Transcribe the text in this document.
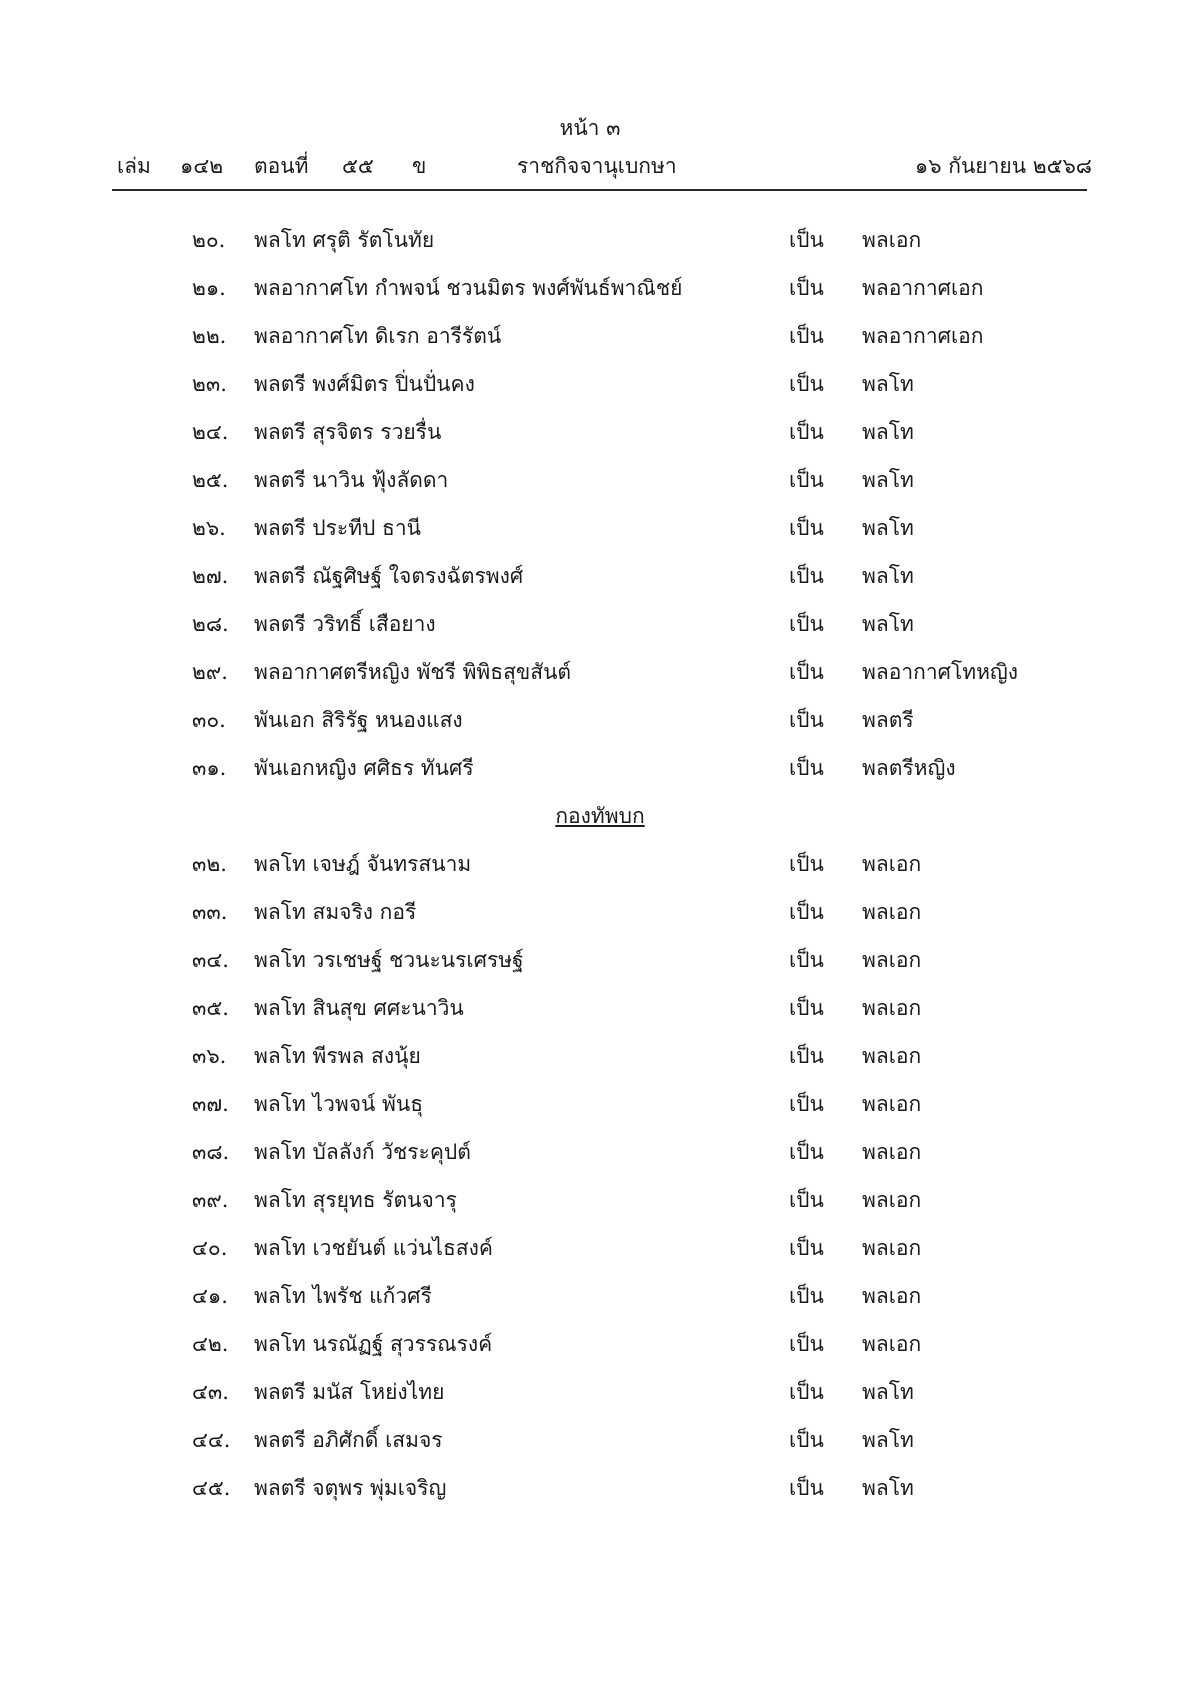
หน้า ๓
เล่ม ๑๔๒ ตอนที่ ๕๕ ข	ราชกิจจานุเบกษา	๑๖ กันยายน ๒๕๖๘
๒๐. พลโท ศรุติ รัตโนทัย	เป็น พลเอก
๒๑. พลอากาศโท กำพจน์ ชวนมิตร พงศ์พันธ์พาณิชย์	เป็น พลอากาศเอก
๒๒. พลอากาศโท ดิเรก อารีรัตน์	เป็น พลอากาศเอก
๒๓. พลตรี พงศ์มิตร ปิ่นปั่นคง	เป็น พลโท
๒๔. พลตรี สุรจิตร รวยรื่น	เป็น พลโท
๒๕. พลตรี นาวิน ฟุ้งลัดดา	เป็น พลโท
๒๖. พลตรี ประทีป ธานี	เป็น พลโท
๒๗. พลตรี ณัฐศิษฐ์ ใจตรงฉัตรพงศ์	เป็น พลโท
๒๘. พลตรี วริทธิ์ เสือยาง	เป็น พลโท
๒๙. พลอากาศตรีหญิง พัชรี พิพิธสุขสันต์	เป็น พลอากาศโทหญิง
๓๐. พันเอก สิริรัฐ หนองแสง	เป็น พลตรี
๓๑. พันเอกหญิง ศศิธร ทันศรี	เป็น พลตรีหญิง
กองทัพบก
๓๒. พลโท เจษฎ์ จันทรสนาม	เป็น พลเอก
๓๓. พลโท สมจริง กอรี	เป็น พลเอก
๓๔. พลโท วรเชษฐ์ ชวนะนรเศรษฐ์	เป็น พลเอก
๓๕. พลโท สินสุข ศศะนาวิน	เป็น พลเอก
๓๖. พลโท พีรพล สงนุ้ย	เป็น พลเอก
๓๗. พลโท ไวพจน์ พันธุ	เป็น พลเอก
๓๘. พลโท บัลลังก์ วัชระคุปต์	เป็น พลเอก
๓๙. พลโท สุรยุทธ รัตนจารุ	เป็น พลเอก
๔๐. พลโท เวชยันต์ แว่นไธสงค์	เป็น พลเอก
๔๑. พลโท ไพรัช แก้วศรี	เป็น พลเอก
๔๒. พลโท นรณัฏฐ์ สุวรรณรงค์	เป็น พลเอก
๔๓. พลตรี มนัส โหย่งไทย	เป็น พลโท
๔๔. พลตรี อภิศักดิ์ เสมจร	เป็น พลโท
๔๕. พลตรี จตุพร พุ่มเจริญ	เป็น พลโท
